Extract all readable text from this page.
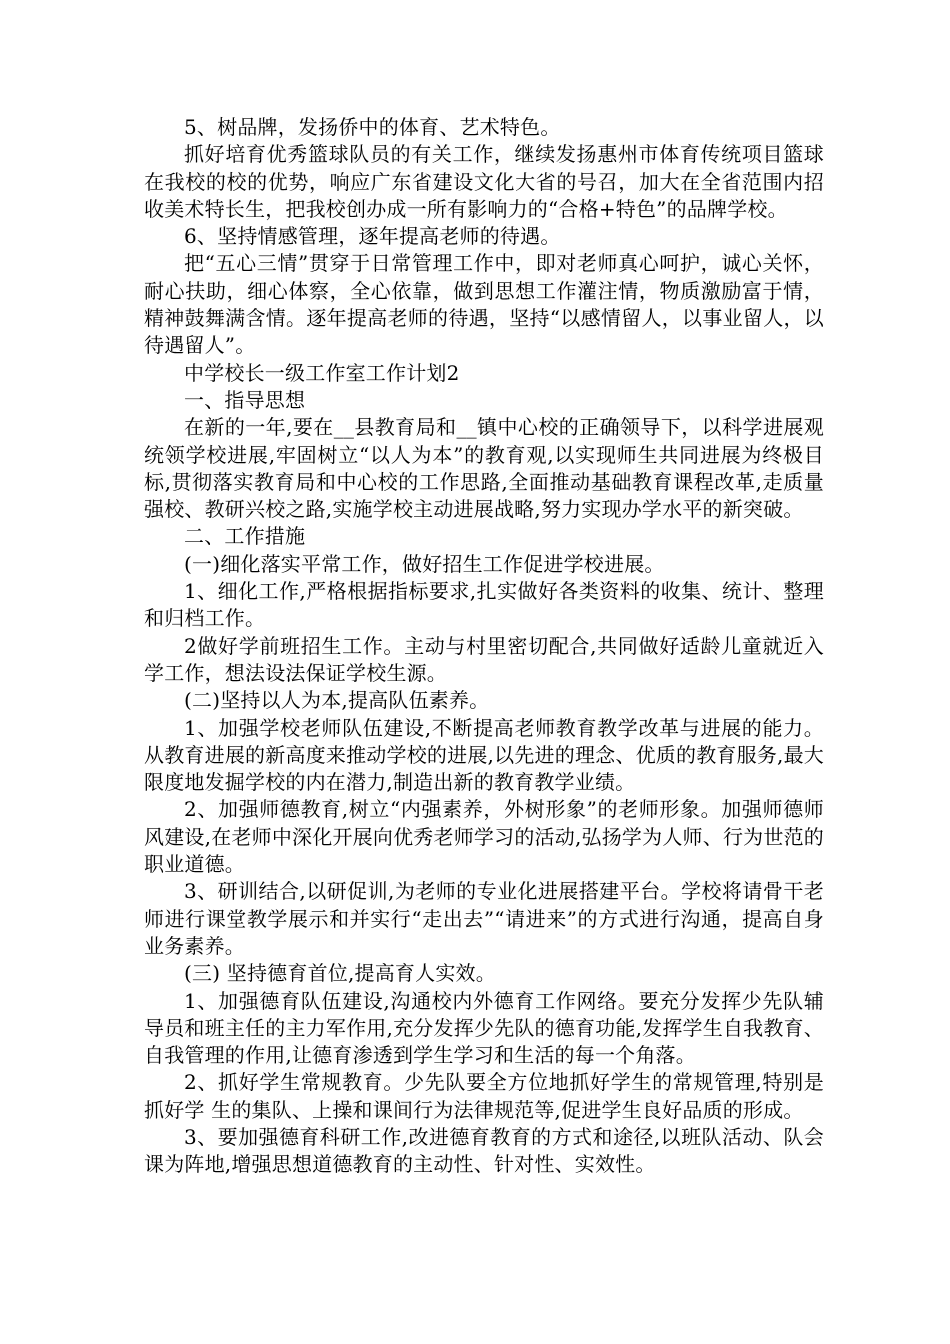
5、树品牌，发扬侨中的体育、艺术特色。

抓好培育优秀篮球队员的有关工作，继续发扬惠州市体育传统项目篮球在我校的校的优势，响应广东省建设文化大省的号召，加大在全省范围内招收美术特长生，把我校创办成一所有影响力的“合格+特色”的品牌学校。

6、坚持情感管理，逐年提高老师的待遇。

把“五心三情”贯穿于日常管理工作中，即对老师真心呵护，诚心关怀，耐心扶助，细心体察，全心依靠，做到思想工作灌注情，物质激励富于情，精神鼓舞满含情。逐年提高老师的待遇，坚持“以感情留人，以事业留人，以待遇留人”。

中学校长一级工作室工作计划2

一、指导思想

在新的一年,要在__县教育局和__镇中心校的正确领导下，以科学进展观统领学校进展,牢固树立“以人为本”的教育观,以实现师生共同进展为终极目标,贯彻落实教育局和中心校的工作思路,全面推动基础教育课程改革,走质量强校、教研兴校之路,实施学校主动进展战略,努力实现办学水平的新突破。

二、工作措施

(一)细化落实平常工作，做好招生工作促进学校进展。

1、细化工作,严格根据指标要求,扎实做好各类资料的收集、统计、整理和归档工作。

2做好学前班招生工作。主动与村里密切配合,共同做好适龄儿童就近入学工作，想法设法保证学校生源。

(二)坚持以人为本,提高队伍素养。

1、加强学校老师队伍建设,不断提高老师教育教学改革与进展的能力。从教育进展的新高度来推动学校的进展,以先进的理念、优质的教育服务,最大限度地发掘学校的内在潜力,制造出新的教育教学业绩。

2、加强师德教育,树立“内强素养，外树形象”的老师形象。加强师德师风建设,在老师中深化开展向优秀老师学习的活动,弘扬学为人师、行为世范的职业道德。

3、研训结合,以研促训,为老师的专业化进展搭建平台。学校将请骨干老师进行课堂教学展示和并实行“走出去”“请进来”的方式进行沟通，提高自身业务素养。

(三) 坚持德育首位,提高育人实效。

1、加强德育队伍建设,沟通校内外德育工作网络。要充分发挥少先队辅导员和班主任的主力军作用,充分发挥少先队的德育功能,发挥学生自我教育、自我管理的作用,让德育渗透到学生学习和生活的每一个角落。

2、抓好学生常规教育。少先队要全方位地抓好学生的常规管理,特别是抓好学 生的集队、上操和课间行为法律规范等,促进学生良好品质的形成。

3、要加强德育科研工作,改进德育教育的方式和途径,以班队活动、队会课为阵地,增强思想道德教育的主动性、针对性、实效性。
